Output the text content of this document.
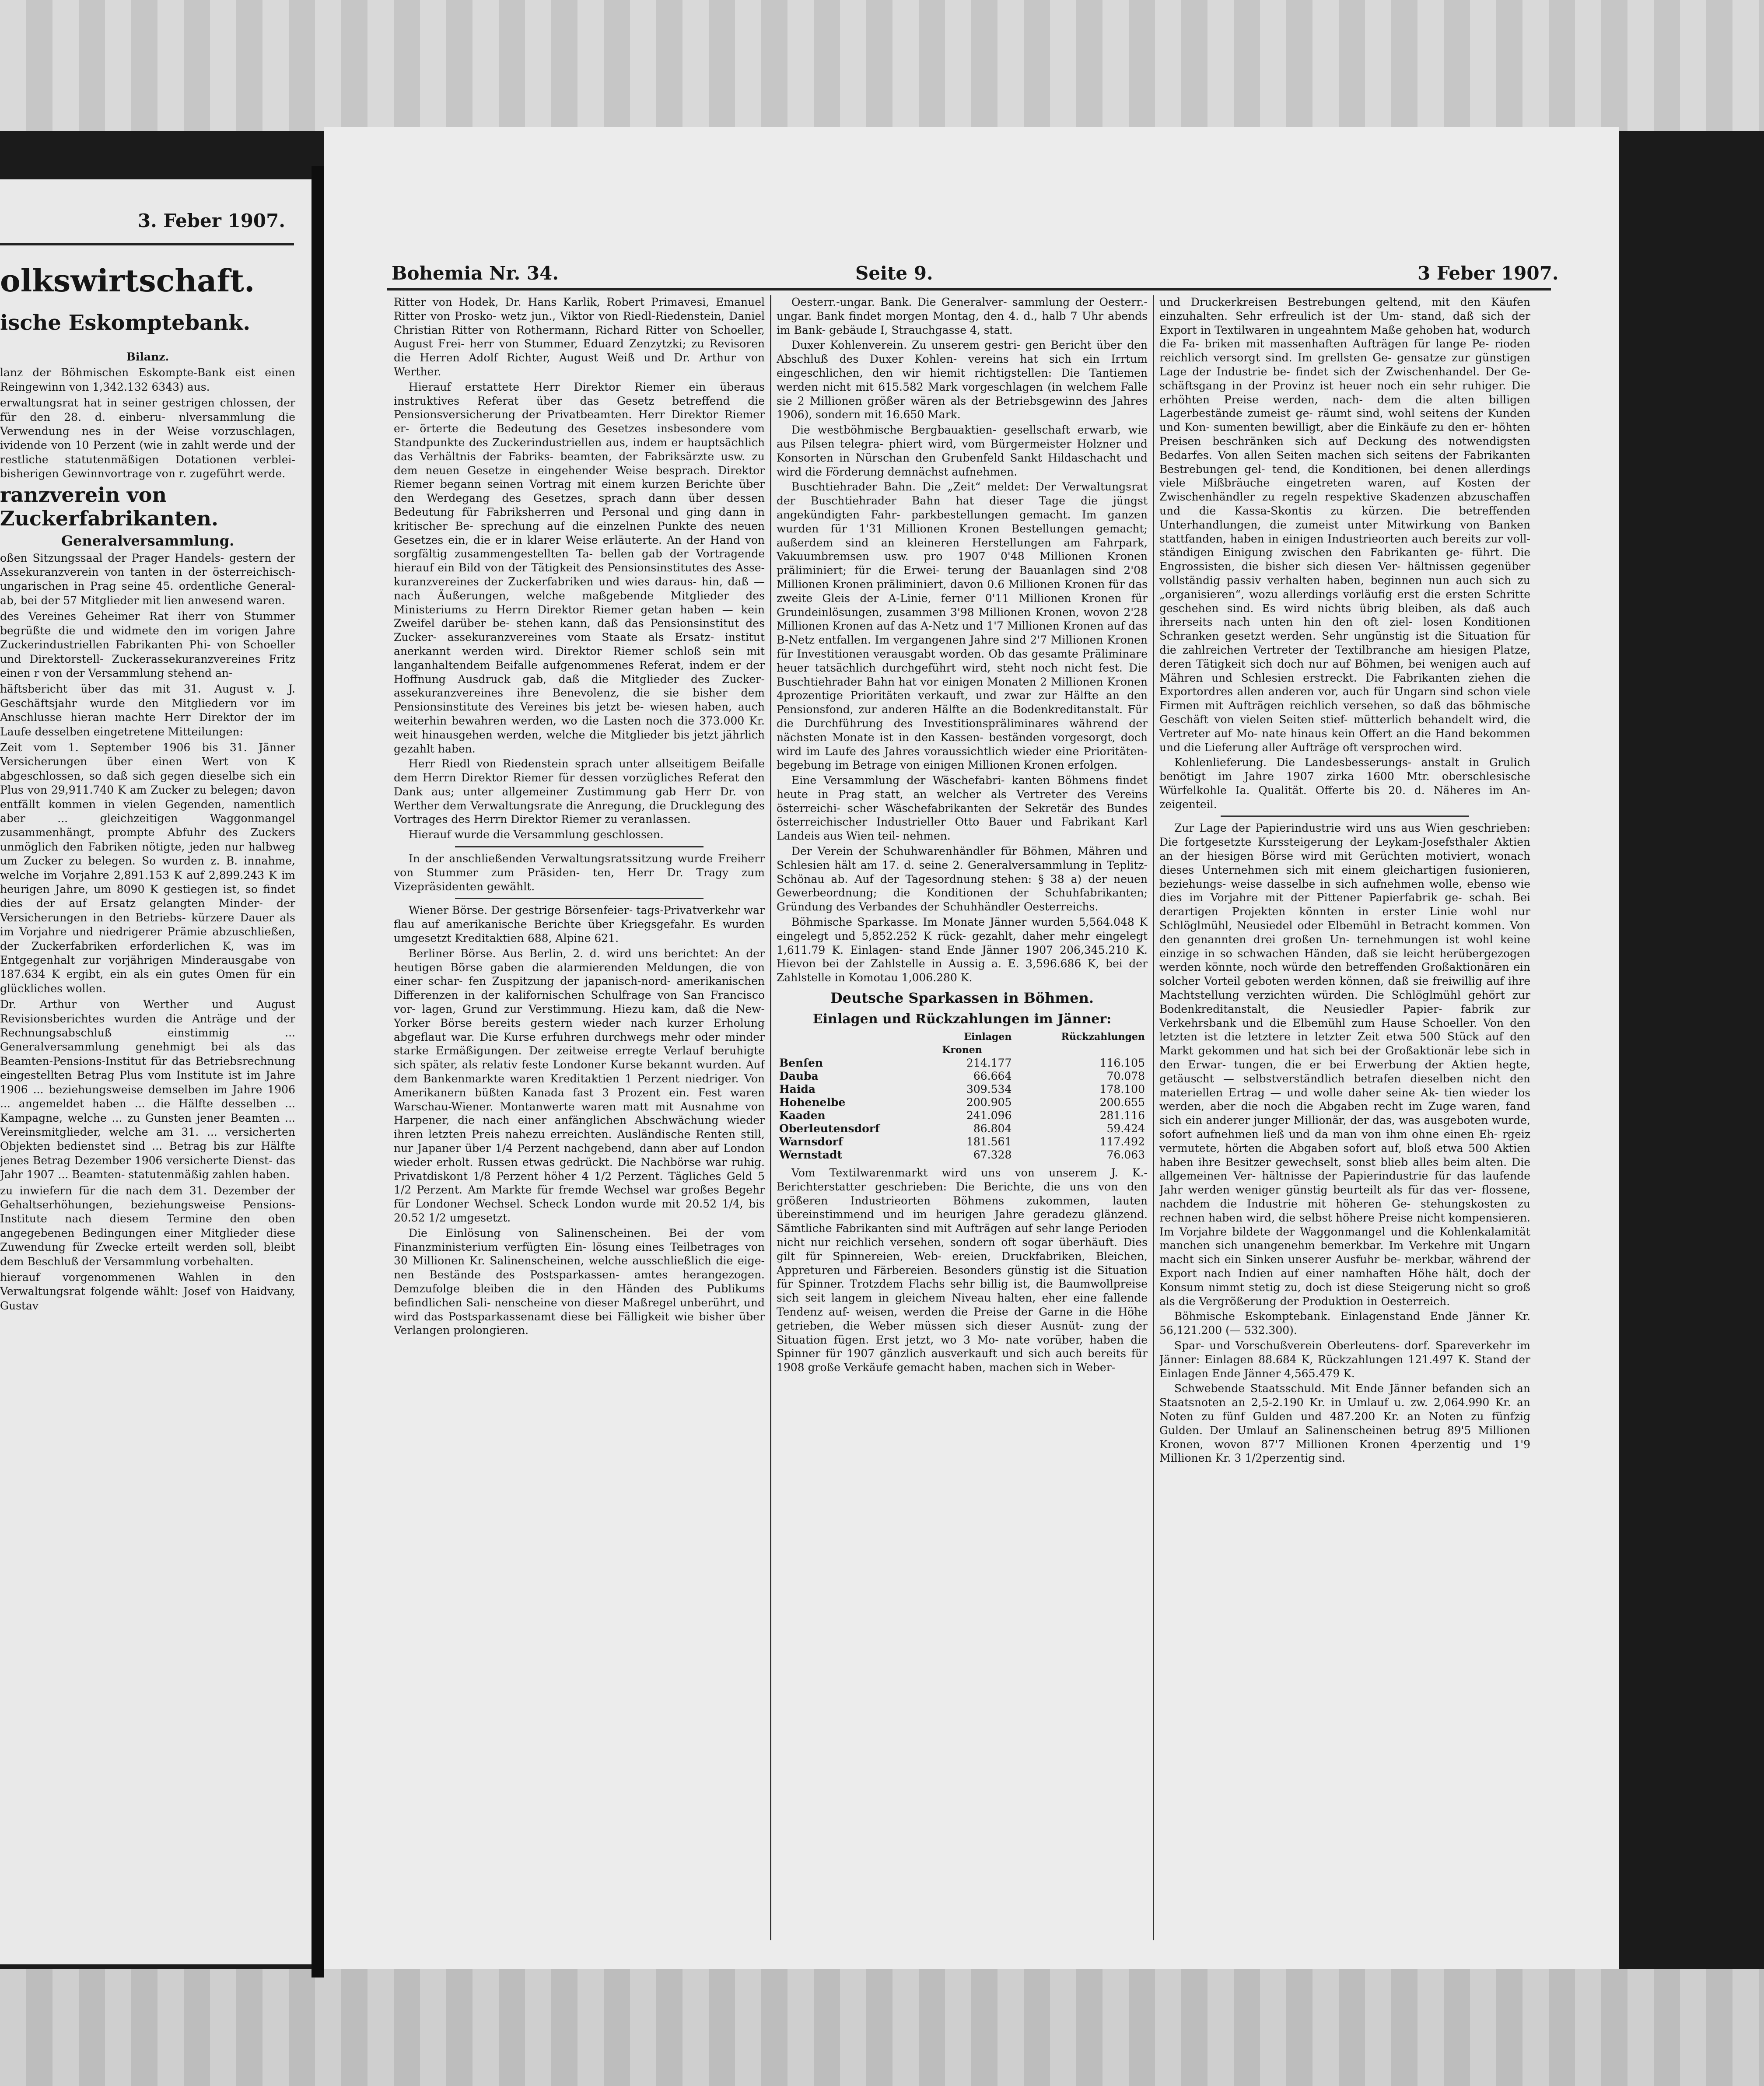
3. Feber 1907.
olkswirtschaft.
ische Eskomptebank.

Bilanz.

lanz der Böhmischen Eskompte-Bank eist einen Reingewinn von 1,342.132 6343) aus.

erwaltungsrat hat in seiner gestrigen chlossen, der für den 28. d. einberu- nlversammlung die Verwendung nes in der Weise vorzuschlagen, ividende von 10 Perzent (wie in zahlt werde und der restliche statutenmäßigen Dotationen verblei- bisherigen Gewinnvortrage von r. zugeführt werde.

ranzverein von Zuckerfabrikanten.

Generalversammlung.

oßen Sitzungssaal der Prager Handels- gestern der Assekuranzverein von tanten in der österreichisch-ungarischen in Prag seine 45. ordentliche General- ab, bei der 57 Mitglieder mit lien anwesend waren.

des Vereines Geheimer Rat iherr von Stummer begrüßte die und widmete den im vorigen Jahre Zuckerindustriellen Fabrikanten Phi- von Schoeller und Direktorstell- Zuckerassekuranzvereines Fritz einen r von der Versammlung stehend an-

häftsbericht über das mit 31. August v. J. Geschäftsjahr wurde den Mitgliedern vor im Anschlusse hieran machte Herr Direktor der im Laufe desselben eingetretene Mitteilungen:

Zeit vom 1. September 1906 bis 31. Jänner Versicherungen über einen Wert von K abgeschlossen, so daß sich gegen dieselbe sich ein Plus von 29,911.740 K am Zucker zu belegen; davon entfällt kommen in vielen Gegenden, namentlich aber ... gleichzeitigen Waggonmangel zusammenhängt, prompte Abfuhr des Zuckers unmöglich den Fabriken nötigte, jeden nur halbweg um Zucker zu belegen. So wurden z. B. innahme, welche im Vorjahre 2,891.153 K auf 2,899.243 K im heurigen Jahre, um 8090 K gestiegen ist, so findet dies der auf Ersatz gelangten Minder- der Versicherungen in den Betriebs- kürzere Dauer als im Vorjahre und niedrigerer Prämie abzuschließen, der Zuckerfabriken erforderlichen K, was im Entgegenhalt zur vorjährigen Minderausgabe von 187.634 K ergibt, ein als ein gutes Omen für ein glückliches wollen.

Dr. Arthur von Werther und August Revisionsberichtes wurden die Anträge und der Rechnungsabschluß einstimmig ... Generalversammlung genehmigt bei als das Beamten-Pensions-Institut für das Betriebsrechnung eingestellten Betrag Plus vom Institute ist im Jahre 1906 ... beziehungsweise demselben im Jahre 1906 ... angemeldet haben ... die Hälfte desselben ... Kampagne, welche ... zu Gunsten jener Beamten ... Vereinsmitglieder, welche am 31. ... versicherten Objekten bedienstet sind ... Betrag bis zur Hälfte jenes Betrag Dezember 1906 versicherte Dienst- das Jahr 1907 ... Beamten- statutenmäßig zahlen haben.

zu inwiefern für die nach dem 31. Dezember der Gehaltserhöhungen, beziehungsweise Pensions-Institute nach diesem Termine den oben angegebenen Bedingungen einer Mitglieder diese Zuwendung für Zwecke erteilt werden soll, bleibt dem Beschluß der Versammlung vorbehalten.

hierauf vorgenommenen Wahlen in den Verwaltungsrat folgende wählt: Josef von Haidvany, Gustav

Bohemia Nr. 34.	Seite 9.	3 Feber 1907.

Ritter von Hodek, Dr. Hans Karlik, Robert Primavesi, Emanuel Ritter von Prosko- wetz jun., Viktor von Riedl-Riedenstein, Daniel Christian Ritter von Rothermann, Richard Ritter von Schoeller, August Frei- herr von Stummer, Eduard Zenzytzki; zu Revisoren die Herren Adolf Richter, August Weiß und Dr. Arthur von Werther.

Hierauf erstattete Herr Direktor Riemer ein überaus instruktives Referat über das Gesetz betreffend die Pensionsversicherung der Privatbeamten. Herr Direktor Riemer er- örterte die Bedeutung des Gesetzes insbesondere vom Standpunkte des Zuckerindustriellen aus, indem er hauptsächlich das Verhältnis der Fabriks- beamten, der Fabriksärzte usw. zu dem neuen Gesetze in eingehender Weise besprach. Direktor Riemer begann seinen Vortrag mit einem kurzen Berichte über den Werdegang des Gesetzes, sprach dann über dessen Bedeutung für Fabriksherren und Personal und ging dann in kritischer Be- sprechung auf die einzelnen Punkte des neuen Gesetzes ein, die er in klarer Weise erläuterte. An der Hand von sorgfältig zusammengestellten Ta- bellen gab der Vortragende hierauf ein Bild von der Tätigkeit des Pensionsinstitutes des Asse- kuranzvereines der Zuckerfabriken und wies daraus- hin, daß — nach Äußerungen, welche maßgebende Mitglieder des Ministeriums zu Herrn Direktor Riemer getan haben — kein Zweifel darüber be- stehen kann, daß das Pensionsinstitut des Zucker- assekuranzvereines vom Staate als Ersatz- institut anerkannt werden wird. Direktor Riemer schloß sein mit langanhaltendem Beifalle aufgenommenes Referat, indem er der Hoffnung Ausdruck gab, daß die Mitglieder des Zucker- assekuranzvereines ihre Benevolenz, die sie bisher dem Pensionsinstitute des Vereines bis jetzt be- wiesen haben, auch weiterhin bewahren werden, wo die Lasten noch die 373.000 Kr. weit hinausgehen werden, welche die Mitglieder bis jetzt jährlich gezahlt haben.

Herr Riedl von Riedenstein sprach unter allseitigem Beifalle dem Herrn Direktor Riemer für dessen vorzügliches Referat den Dank aus; unter allgemeiner Zustimmung gab Herr Dr. von Werther dem Verwaltungsrate die Anregung, die Drucklegung des Vortrages des Herrn Direktor Riemer zu veranlassen.

Hierauf wurde die Versammlung geschlossen.

In der anschließenden Verwaltungsratssitzung wurde Freiherr von Stummer zum Präsiden- ten, Herr Dr. Tragy zum Vizepräsidenten gewählt.

Wiener Börse. Der gestrige Börsenfeier- tags-Privatverkehr war flau auf amerikanische Berichte über Kriegsgefahr. Es wurden umgesetzt Kreditaktien 688, Alpine 621.

Berliner Börse. Aus Berlin, 2. d. wird uns berichtet: An der heutigen Börse gaben die alarmierenden Meldungen, die von einer schar- fen Zuspitzung der japanisch-nord- amerikanischen Differenzen in der kalifornischen Schulfrage von San Francisco vor- lagen, Grund zur Verstimmung. Hiezu kam, daß die New-Yorker Börse bereits gestern wieder nach kurzer Erholung abgeflaut war. Die Kurse erfuhren durchwegs mehr oder minder starke Ermäßigungen. Der zeitweise erregte Verlauf beruhigte sich später, als relativ feste Londoner Kurse bekannt wurden. Auf dem Bankenmarkte waren Kreditaktien 1 Perzent niedriger. Von Amerikanern büßten Kanada fast 3 Prozent ein. Fest waren Warschau-Wiener. Montanwerte waren matt mit Ausnahme von Harpener, die nach einer anfänglichen Abschwächung wieder ihren letzten Preis nahezu erreichten. Ausländische Renten still, nur Japaner über 1/4 Perzent nachgebend, dann aber auf London wieder erholt. Russen etwas gedrückt. Die Nachbörse war ruhig. Privatdiskont 1/8 Perzent höher 4 1/2 Perzent. Tägliches Geld 5 1/2 Perzent. Am Markte für fremde Wechsel war großes Begehr für Londoner Wechsel. Scheck London wurde mit 20.52 1/4, bis 20.52 1/2 umgesetzt.

Die Einlösung von Salinenscheinen. Bei der vom Finanzministerium verfügten Ein- lösung eines Teilbetrages von 30 Millionen Kr. Salinenscheinen, welche ausschließlich die eige- nen Bestände des Postsparkassen- amtes herangezogen. Demzufolge bleiben die in den Händen des Publikums befindlichen Sali- nenscheine von dieser Maßregel unberührt, und wird das Postsparkassenamt diese bei Fälligkeit wie bisher über Verlangen prolongieren.

Oesterr.-ungar. Bank. Die Generalver- sammlung der Oesterr.-ungar. Bank findet morgen Montag, den 4. d., halb 7 Uhr abends im Bank- gebäude I, Strauchgasse 4, statt.

Duxer Kohlenverein. Zu unserem gestri- gen Bericht über den Abschluß des Duxer Kohlen- vereins hat sich ein Irrtum eingeschlichen, den wir hiemit richtigstellen: Die Tantiemen werden nicht mit 615.582 Mark vorgeschlagen (in welchem Falle sie 2 Millionen größer wären als der Betriebsgewinn des Jahres 1906), sondern mit 16.650 Mark.

Die westböhmische Bergbauaktien- gesellschaft erwarb, wie aus Pilsen telegra- phiert wird, vom Bürgermeister Holzner und Konsorten in Nürschan den Grubenfeld Sankt Hildaschacht und wird die Förderung demnächst aufnehmen.

Buschtiehrader Bahn. Die „Zeit“ meldet: Der Verwaltungsrat der Buschtiehrader Bahn hat dieser Tage die jüngst angekündigten Fahr- parkbestellungen gemacht. Im ganzen wurden für 1'31 Millionen Kronen Bestellungen gemacht; außerdem sind an kleineren Herstellungen am Fahrpark, Vakuumbremsen usw. pro 1907 0'48 Millionen Kronen präliminiert; für die Erwei- terung der Bauanlagen sind 2'08 Millionen Kronen präliminiert, davon 0.6 Millionen Kronen für das zweite Gleis der A-Linie, ferner 0'11 Millionen Kronen für Grundeinlösungen, zusammen 3'98 Millionen Kronen, wovon 2'28 Millionen Kronen auf das A-Netz und 1'7 Millionen Kronen auf das B-Netz entfallen. Im vergangenen Jahre sind 2'7 Millionen Kronen für Investitionen verausgabt worden. Ob das gesamte Präliminare heuer tatsächlich durchgeführt wird, steht noch nicht fest. Die Buschtiehrader Bahn hat vor einigen Monaten 2 Millionen Kronen 4prozentige Prioritäten verkauft, und zwar zur Hälfte an den Pensionsfond, zur anderen Hälfte an die Bodenkreditanstalt. Für die Durchführung des Investitionspräliminares während der nächsten Monate ist in den Kassen- beständen vorgesorgt, doch wird im Laufe des Jahres voraussichtlich wieder eine Prioritäten- begebung im Betrage von einigen Millionen Kronen erfolgen.

Eine Versammlung der Wäschefabri- kanten Böhmens findet heute in Prag statt, an welcher als Vertreter des Vereins österreichi- scher Wäschefabrikanten der Sekretär des Bundes österreichischer Industrieller Otto Bauer und Fabrikant Karl Landeis aus Wien teil- nehmen.

Der Verein der Schuhwarenhändler für Böhmen, Mähren und Schlesien hält am 17. d. seine 2. Generalversammlung in Teplitz-Schönau ab. Auf der Tagesordnung stehen: § 38 a) der neuen Gewerbeordnung; die Konditionen der Schuhfabrikanten; Gründung des Verbandes der Schuhhändler Oesterreichs.

Böhmische Sparkasse. Im Monate Jänner wurden 5,564.048 K eingelegt und 5,852.252 K rück- gezahlt, daher mehr eingelegt 1,611.79 K. Einlagen- stand Ende Jänner 1907 206,345.210 K. Hievon bei der Zahlstelle in Aussig a. E. 3,596.686 K, bei der Zahlstelle in Komotau 1,006.280 K.

Deutsche Sparkassen in Böhmen.

Einlagen und Rückzahlungen im Jänner:

	Einlagen	Rückzahlungen
Kronen		
Benſen	214.177	116.105
Dauba	66.664	70.078
Haida	309.534	178.100
Hohenelbe	200.905	200.655
Kaaden	241.096	281.116
Oberleutensdorf	86.804	59.424
Warnsdorf	181.561	117.492
Wernstadt	67.328	76.063

Vom Textilwarenmarkt wird uns von unserem J. K.-Berichterstatter geschrieben: Die Berichte, die uns von den größeren Industrieorten Böhmens zukommen, lauten übereinstimmend und im heurigen Jahre geradezu glänzend. Sämtliche Fabrikanten sind mit Aufträgen auf sehr lange Perioden nicht nur reichlich versehen, sondern oft sogar überhäuft. Dies gilt für Spinnereien, Web- ereien, Druckfabriken, Bleichen, Appreturen und Färbereien. Besonders günstig ist die Situation für Spinner. Trotzdem Flachs sehr billig ist, die Baumwollpreise sich seit langem in gleichem Niveau halten, eher eine fallende Tendenz auf- weisen, werden die Preise der Garne in die Höhe getrieben, die Weber müssen sich dieser Ausnüt- zung der Situation fügen. Erst jetzt, wo 3 Mo- nate vorüber, haben die Spinner für 1907 gänzlich ausverkauft und sich auch bereits für 1908 große Verkäufe gemacht haben, machen sich in Weber-

und Druckerkreisen Bestrebungen geltend, mit den Käufen einzuhalten. Sehr erfreulich ist der Um- stand, daß sich der Export in Textilwaren in ungeahntem Maße gehoben hat, wodurch die Fa- briken mit massenhaften Aufträgen für lange Pe- rioden reichlich versorgt sind. Im grellsten Ge- gensatze zur günstigen Lage der Industrie be- findet sich der Zwischenhandel. Der Ge- schäftsgang in der Provinz ist heuer noch ein sehr ruhiger. Die erhöhten Preise werden, nach- dem die alten billigen Lagerbestände zumeist ge- räumt sind, wohl seitens der Kunden und Kon- sumenten bewilligt, aber die Einkäufe zu den er- höhten Preisen beschränken sich auf Deckung des notwendigsten Bedarfes. Von allen Seiten machen sich seitens der Fabrikanten Bestrebungen gel- tend, die Konditionen, bei denen allerdings viele Mißbräuche eingetreten waren, auf Kosten der Zwischenhändler zu regeln respektive Skadenzen abzuschaffen und die Kassa-Skontis zu kürzen. Die betreffenden Unterhandlungen, die zumeist unter Mitwirkung von Banken stattfanden, haben in einigen Industrieorten auch bereits zur voll- ständigen Einigung zwischen den Fabrikanten ge- führt. Die Engrossisten, die bisher sich diesen Ver- hältnissen gegenüber vollständig passiv verhalten haben, beginnen nun auch sich zu „organisieren“, wozu allerdings vorläufig erst die ersten Schritte geschehen sind. Es wird nichts übrig bleiben, als daß auch ihrerseits nach unten hin den oft ziel- losen Konditionen Schranken gesetzt werden. Sehr ungünstig ist die Situation für die zahlreichen Vertreter der Textilbranche am hiesigen Platze, deren Tätigkeit sich doch nur auf Böhmen, bei wenigen auch auf Mähren und Schlesien erstreckt. Die Fabrikanten ziehen die Exportordres allen anderen vor, auch für Ungarn sind schon viele Firmen mit Aufträgen reichlich versehen, so daß das böhmische Geschäft von vielen Seiten stief- mütterlich behandelt wird, die Vertreter auf Mo- nate hinaus kein Offert an die Hand bekommen und die Lieferung aller Aufträge oft versprochen wird.

Kohlenlieferung. Die Landesbesserungs- anstalt in Grulich benötigt im Jahre 1907 zirka 1600 Mtr. oberschlesische Würfelkohle Ia. Qualität. Offerte bis 20. d. Näheres im An- zeigenteil.

Zur Lage der Papierindustrie wird uns aus Wien geschrieben: Die fortgesetzte Kurssteigerung der Leykam-Josefsthaler Aktien an der hiesigen Börse wird mit Gerüchten motiviert, wonach dieses Unternehmen sich mit einem gleichartigen fusionieren, beziehungs- weise dasselbe in sich aufnehmen wolle, ebenso wie dies im Vorjahre mit der Pittener Papierfabrik ge- schah. Bei derartigen Projekten könnten in erster Linie wohl nur Schlöglmühl, Neusiedel oder Elbemühl in Betracht kommen. Von den genannten drei großen Un- ternehmungen ist wohl keine einzige in so schwachen Händen, daß sie leicht herübergezogen werden könnte, noch würde den betreffenden Großaktionären ein solcher Vorteil geboten werden können, daß sie freiwillig auf ihre Machtstellung verzichten würden. Die Schlöglmühl gehört zur Bodenkreditanstalt, die Neusiedler Papier- fabrik zur Verkehrsbank und die Elbemühl zum Hause Schoeller. Von den letzten ist die letztere in letzter Zeit etwa 500 Stück auf den Markt gekommen und hat sich bei der Großaktionär lebe sich in den Erwar- tungen, die er bei Erwerbung der Aktien hegte, getäuscht — selbstverständlich betrafen dieselben nicht den materiellen Ertrag — und wolle daher seine Ak- tien wieder los werden, aber die noch die Abgaben recht im Zuge waren, fand sich ein anderer junger Millionär, der das, was ausgeboten wurde, sofort aufnehmen ließ und da man von ihm ohne einen Eh- rgeiz vermutete, hörten die Abgaben sofort auf, bloß etwa 500 Aktien haben ihre Besitzer gewechselt, sonst blieb alles beim alten. Die allgemeinen Ver- hältnisse der Papierindustrie für das laufende Jahr werden weniger günstig beurteilt als für das ver- flossene, nachdem die Industrie mit höheren Ge- stehungskosten zu rechnen haben wird, die selbst höhere Preise nicht kompensieren. Im Vorjahre bildete der Waggonmangel und die Kohlenkalamität manchen sich unangenehm bemerkbar. Im Verkehre mit Ungarn macht sich ein Sinken unserer Ausfuhr be- merkbar, während der Export nach Indien auf einer namhaften Höhe hält, doch der Konsum nimmt stetig zu, doch ist diese Steigerung nicht so groß als die Vergrößerung der Produktion in Oesterreich.

Böhmische Eskomptebank. Einlagenstand Ende Jänner Kr. 56,121.200 (— 532.300).

Spar- und Vorschußverein Oberleutens- dorf. Spareverkehr im Jänner: Einlagen 88.684 K, Rückzahlungen 121.497 K. Stand der Einlagen Ende Jänner 4,565.479 K.

Schwebende Staatsschuld. Mit Ende Jänner befanden sich an Staatsnoten an 2,5-2.190 Kr. in Umlauf u. zw. 2,064.990 Kr. an Noten zu fünf Gulden und 487.200 Kr. an Noten zu fünfzig Gulden. Der Umlauf an Salinenscheinen betrug 89'5 Millionen Kronen, wovon 87'7 Millionen Kronen 4perzentig und 1'9 Millionen Kr. 3 1/2perzentig sind.
